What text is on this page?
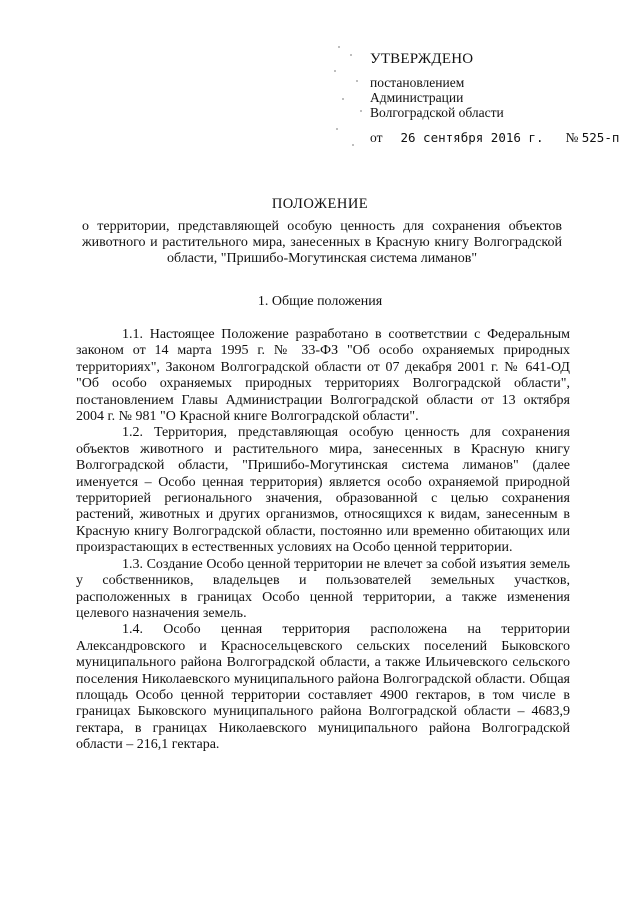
УТВЕРЖДЕНО
постановлением
Администрации
Волгоградской области
от 26 сентября 2016 г. № 525-п
ПОЛОЖЕНИЕ
о территории, представляющей особую ценность для сохранения объектов животного и растительного мира, занесенных в Красную книгу Волгоградской области, "Пришибо-Могутинская система лиманов"
1. Общие положения

1.1. Настоящее Положение разработано в соответствии с Федеральным законом от 14 марта 1995 г. № 33-ФЗ "Об особо охраняемых природных территориях", Законом Волгоградской области от 07 декабря 2001 г. № 641-ОД "Об особо охраняемых природных территориях Волгоградской области", постановлением Главы Администрации Волгоградской области от 13 октября 2004 г. № 981 "О Красной книге Волгоградской области".

1.2. Территория, представляющая особую ценность для сохранения объектов животного и растительного мира, занесенных в Красную книгу Волгоградской области, "Пришибо-Могутинская система лиманов" (далее именуется – Особо ценная территория) является особо охраняемой природной территорией регионального значения, образованной с целью сохранения растений, животных и других организмов, относящихся к видам, занесенным в Красную книгу Волгоградской области, постоянно или временно обитающих или произрастающих в естественных условиях на Особо ценной территории.

1.3. Создание Особо ценной территории не влечет за собой изъятия земель у собственников, владельцев и пользователей земельных участков, расположенных в границах Особо ценной территории, а также изменения целевого назначения земель.

1.4. Особо ценная территория расположена на территории Александровского и Красносельцевского сельских поселений Быковского муниципального района Волгоградской области, а также Ильичевского сельского поселения Николаевского муниципального района Волгоградской области. Общая площадь Особо ценной территории составляет 4900 гектаров, в том числе в границах Быковского муниципального района Волгоградской области – 4683,9 гектара, в границах Николаевского муниципального района Волгоградской области – 216,1 гектара.
